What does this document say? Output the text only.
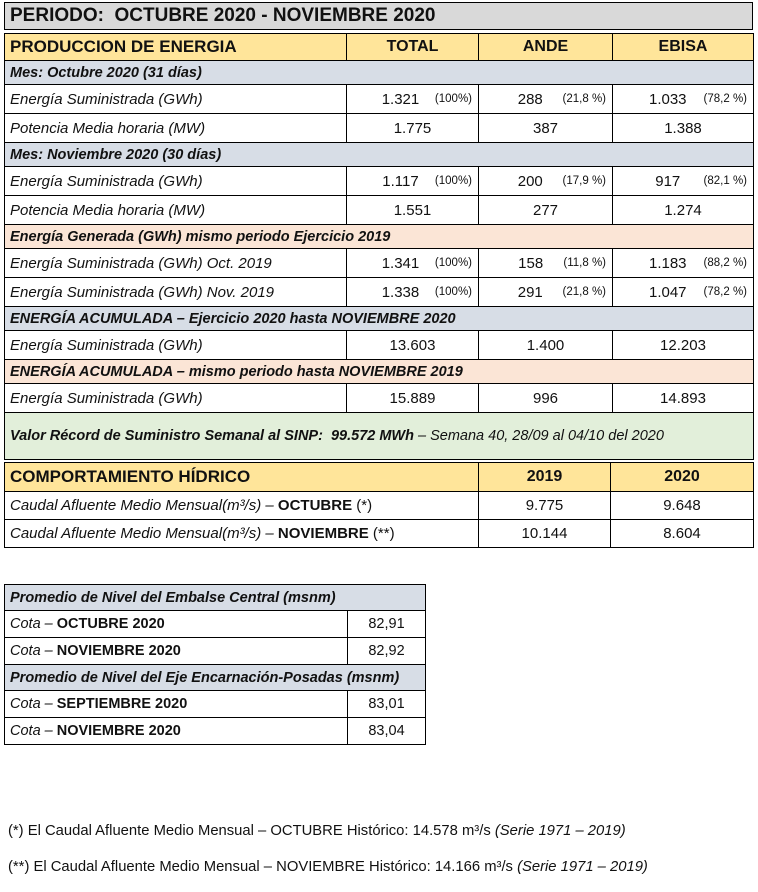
PERIODO:  OCTUBRE 2020 - NOVIEMBRE 2020
PRODUCCION DE ENERGIA	TOTAL	ANDE	EBISA
Mes: Octubre 2020 (31 días)			
Energía Suministrada (GWh)	1.321 (100%)	288 (21,8 %)	1.033 (78,2 %)

Potencia Media horaria (MW)	1.775	387	1.388
Mes: Noviembre 2020 (30 días)			
Energía Suministrada (GWh)	1.117 (100%)	200 (17,9 %)	917 (82,1 %)

Potencia Media horaria (MW)	1.551	277	1.274
Energía Generada (GWh) mismo periodo Ejercicio 2019			
Energía Suministrada (GWh) Oct. 2019	1.341 (100%)	158 (11,8 %)	1.183 (88,2 %)

Energía Suministrada (GWh) Nov. 2019	1.338 (100%)	291 (21,8 %)	1.047 (78,2 %)

ENERGÍA ACUMULADA – Ejercicio 2020 hasta NOVIEMBRE 2020			
Energía Suministrada (GWh)	13.603	1.400	12.203
ENERGÍA ACUMULADA – mismo periodo hasta NOVIEMBRE 2019			
Energía Suministrada (GWh)	15.889	996	14.893
Valor Récord de Suministro Semanal al SINP:  99.572 MWh – Semana 40, 28/09 al 04/10 del 2020			
COMPORTAMIENTO HÍDRICO	2019	2020
Caudal Afluente Medio Mensual(m³/s) – OCTUBRE (*)	9.775	9.648
Caudal Afluente Medio Mensual(m³/s) – NOVIEMBRE (**)	10.144	8.604
Promedio de Nivel del Embalse Central (msnm)	
Cota – OCTUBRE 2020	82,91
Cota – NOVIEMBRE 2020	82,92
Promedio de Nivel del Eje Encarnación-Posadas (msnm)	
Cota – SEPTIEMBRE 2020	83,01
Cota – NOVIEMBRE 2020	83,04

(*) El Caudal Afluente Medio Mensual – OCTUBRE Histórico: 14.578 m³/s (Serie 1971 – 2019)

(**) El Caudal Afluente Medio Mensual – NOVIEMBRE Histórico: 14.166 m³/s (Serie 1971 – 2019)
